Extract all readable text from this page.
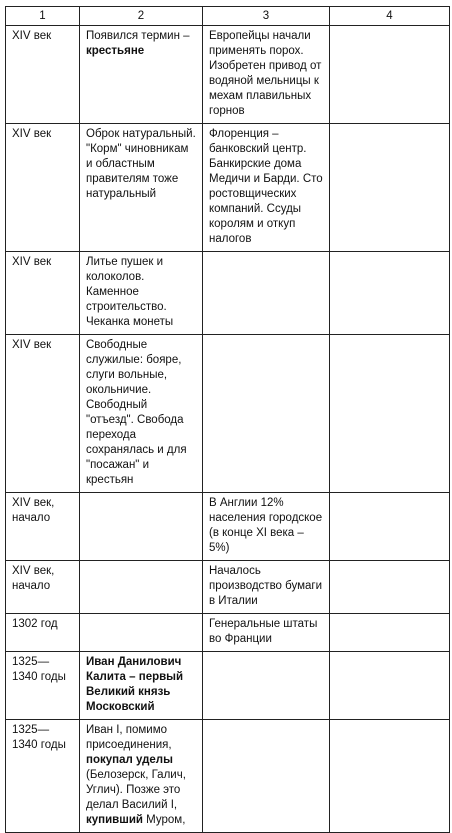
1	2	3	4
XIV век	Появился термин – крестьяне	Европейцы начали применять порох. Изобретен привод от водяной мельницы к мехам плавильных горнов	
XIV век	Оброк натуральный. "Корм" чиновникам и областным правителям тоже натуральный	Флоренция – банковский центр. Банкирские дома Медичи и Барди. Сто ростовщических компаний. Ссуды королям и откуп налогов	
XIV век	Литье пушек и колоколов. Каменное строительство. Чеканка монеты		
XIV век	Свободные служилые: бояре, слуги вольные, окольничие. Свободный "отъезд". Свобода перехода сохранялась и для "посажан" и крестьян		
XIV век, начало		В Англии 12% населения городское (в конце XI века – 5%)	
XIV век, начало		Началось производство бумаги в Италии	
1302 год		Генеральные штаты во Франции	
1325—1340 годы	Иван Данилович Калита – первый Великий князь Московский		
1325—1340 годы	Иван I, помимо присоединения, покупал уделы (Белозерск, Галич, Углич). Позже это делал Василий I, купивший Муром,		
